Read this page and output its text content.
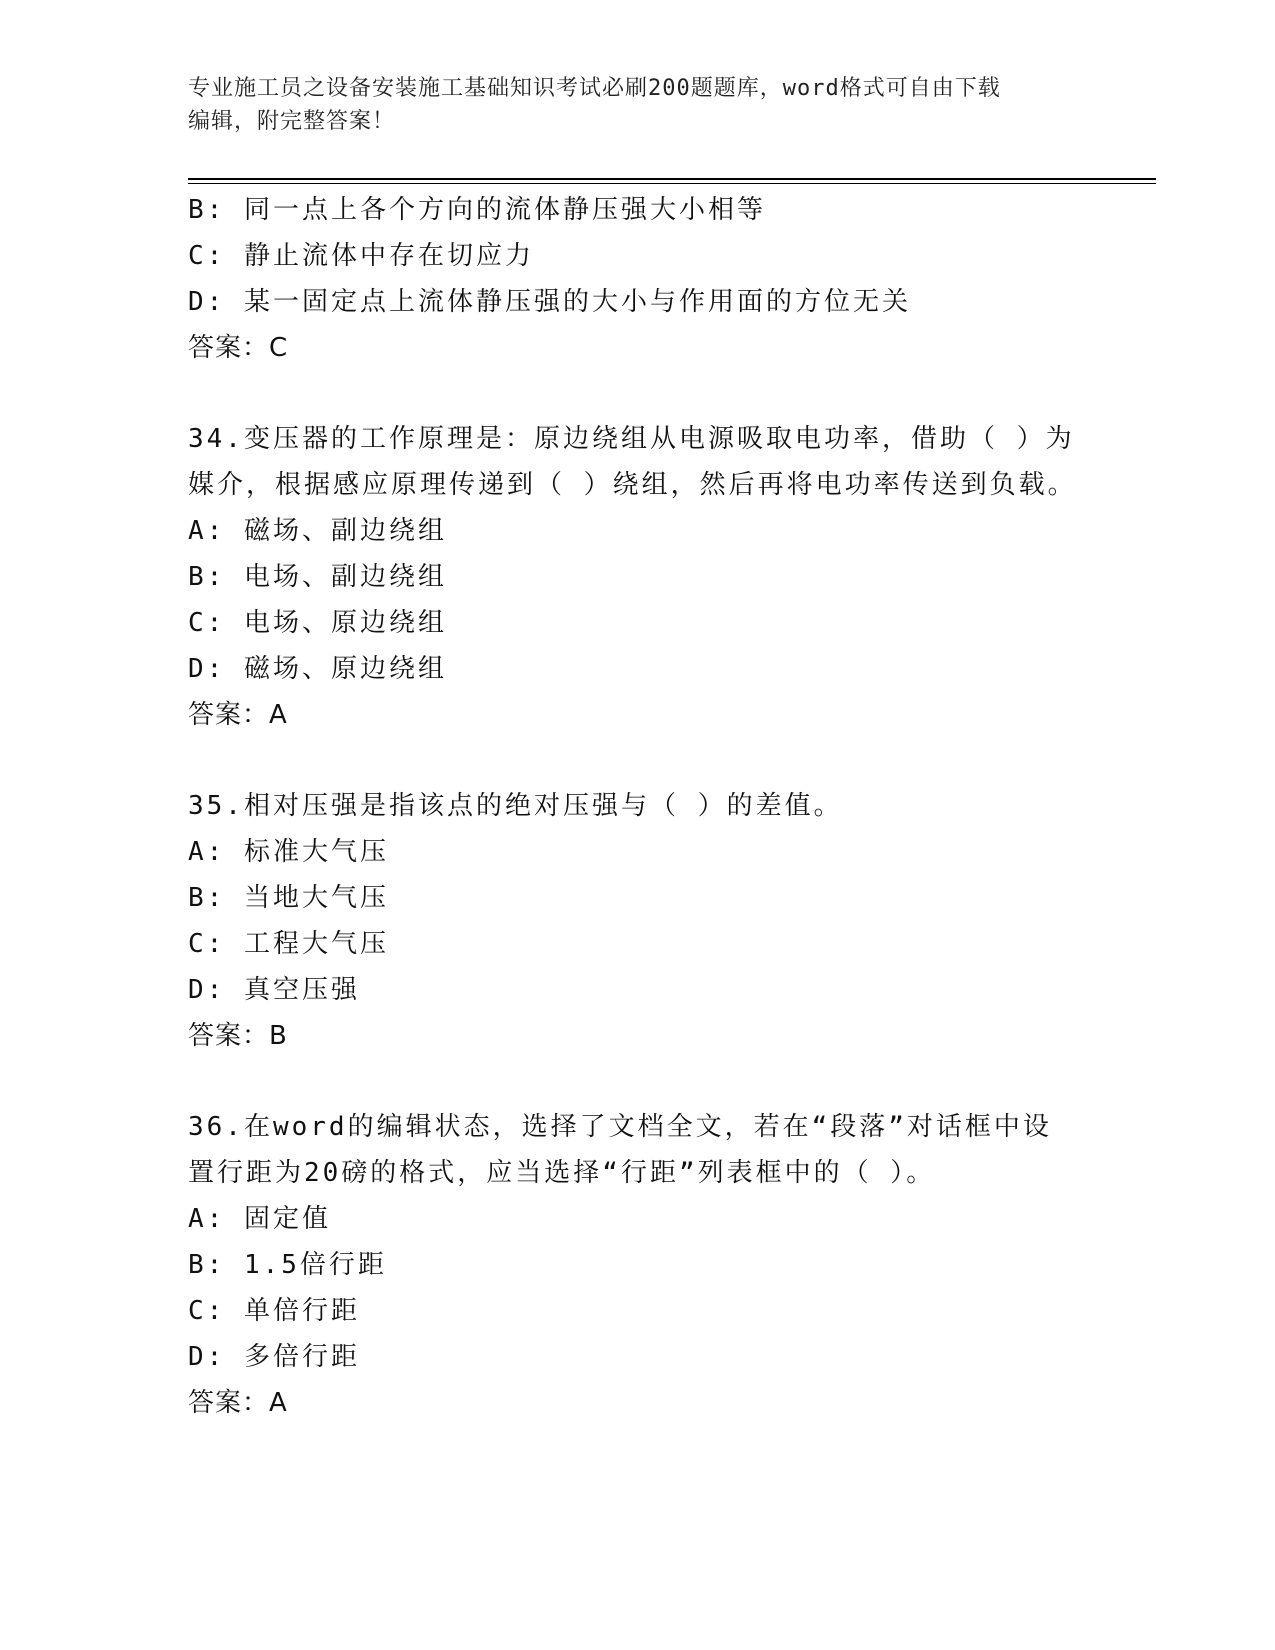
专业施工员之设备安装施工基础知识考试必刷200题题库，word格式可自由下载
编辑，附完整答案！
B: 同一点上各个方向的流体静压强大小相等
C: 静止流体中存在切应力
D: 某一固定点上流体静压强的大小与作用面的方位无关
答案：C
34.变压器的工作原理是：原边绕组从电源吸取电功率，借助（ ）为
媒介，根据感应原理传递到（ ）绕组，然后再将电功率传送到负载。
A: 磁场、副边绕组
B: 电场、副边绕组
C: 电场、原边绕组
D: 磁场、原边绕组
答案：A
35.相对压强是指该点的绝对压强与（ ）的差值。
A: 标准大气压
B: 当地大气压
C: 工程大气压
D: 真空压强
答案：B
36.在word的编辑状态，选择了文档全文，若在“段落”对话框中设
置行距为20磅的格式，应当选择“行距”列表框中的（ ）。
A: 固定值
B: 1.5倍行距
C: 单倍行距
D: 多倍行距
答案：A
